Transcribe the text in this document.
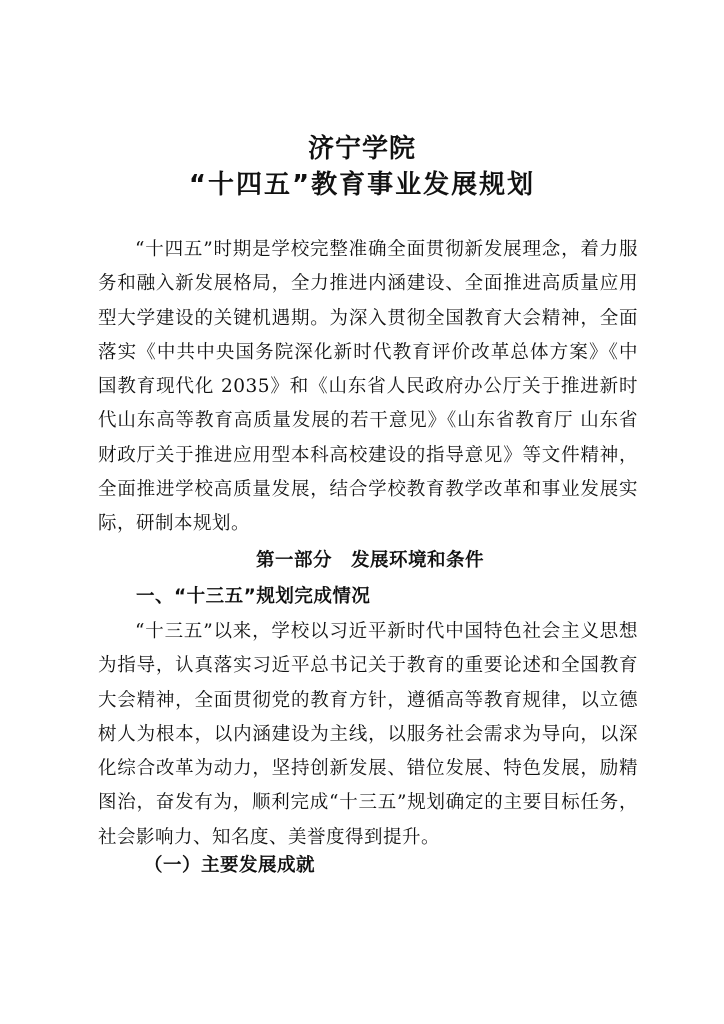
济宁学院
“十四五”教育事业发展规划

“十四五”时期是学校完整准确全面贯彻新发展理念，着力服务和融入新发展格局，全力推进内涵建设、全面推进高质量应用型大学建设的关键机遇期。为深入贯彻全国教育大会精神，全面落实《中共中央国务院深化新时代教育评价改革总体方案》《中国教育现代化 2035》和《山东省人民政府办公厅关于推进新时代山东高等教育高质量发展的若干意见》《山东省教育厅 山东省财政厅关于推进应用型本科高校建设的指导意见》等文件精神，全面推进学校高质量发展，结合学校教育教学改革和事业发展实际，研制本规划。

第一部分　发展环境和条件
一、“十三五”规划完成情况

“十三五”以来，学校以习近平新时代中国特色社会主义思想为指导，认真落实习近平总书记关于教育的重要论述和全国教育大会精神，全面贯彻党的教育方针，遵循高等教育规律，以立德树人为根本，以内涵建设为主线，以服务社会需求为导向，以深化综合改革为动力，坚持创新发展、错位发展、特色发展，励精图治，奋发有为，顺利完成“十三五”规划确定的主要目标任务，社会影响力、知名度、美誉度得到提升。

（一）主要发展成就
